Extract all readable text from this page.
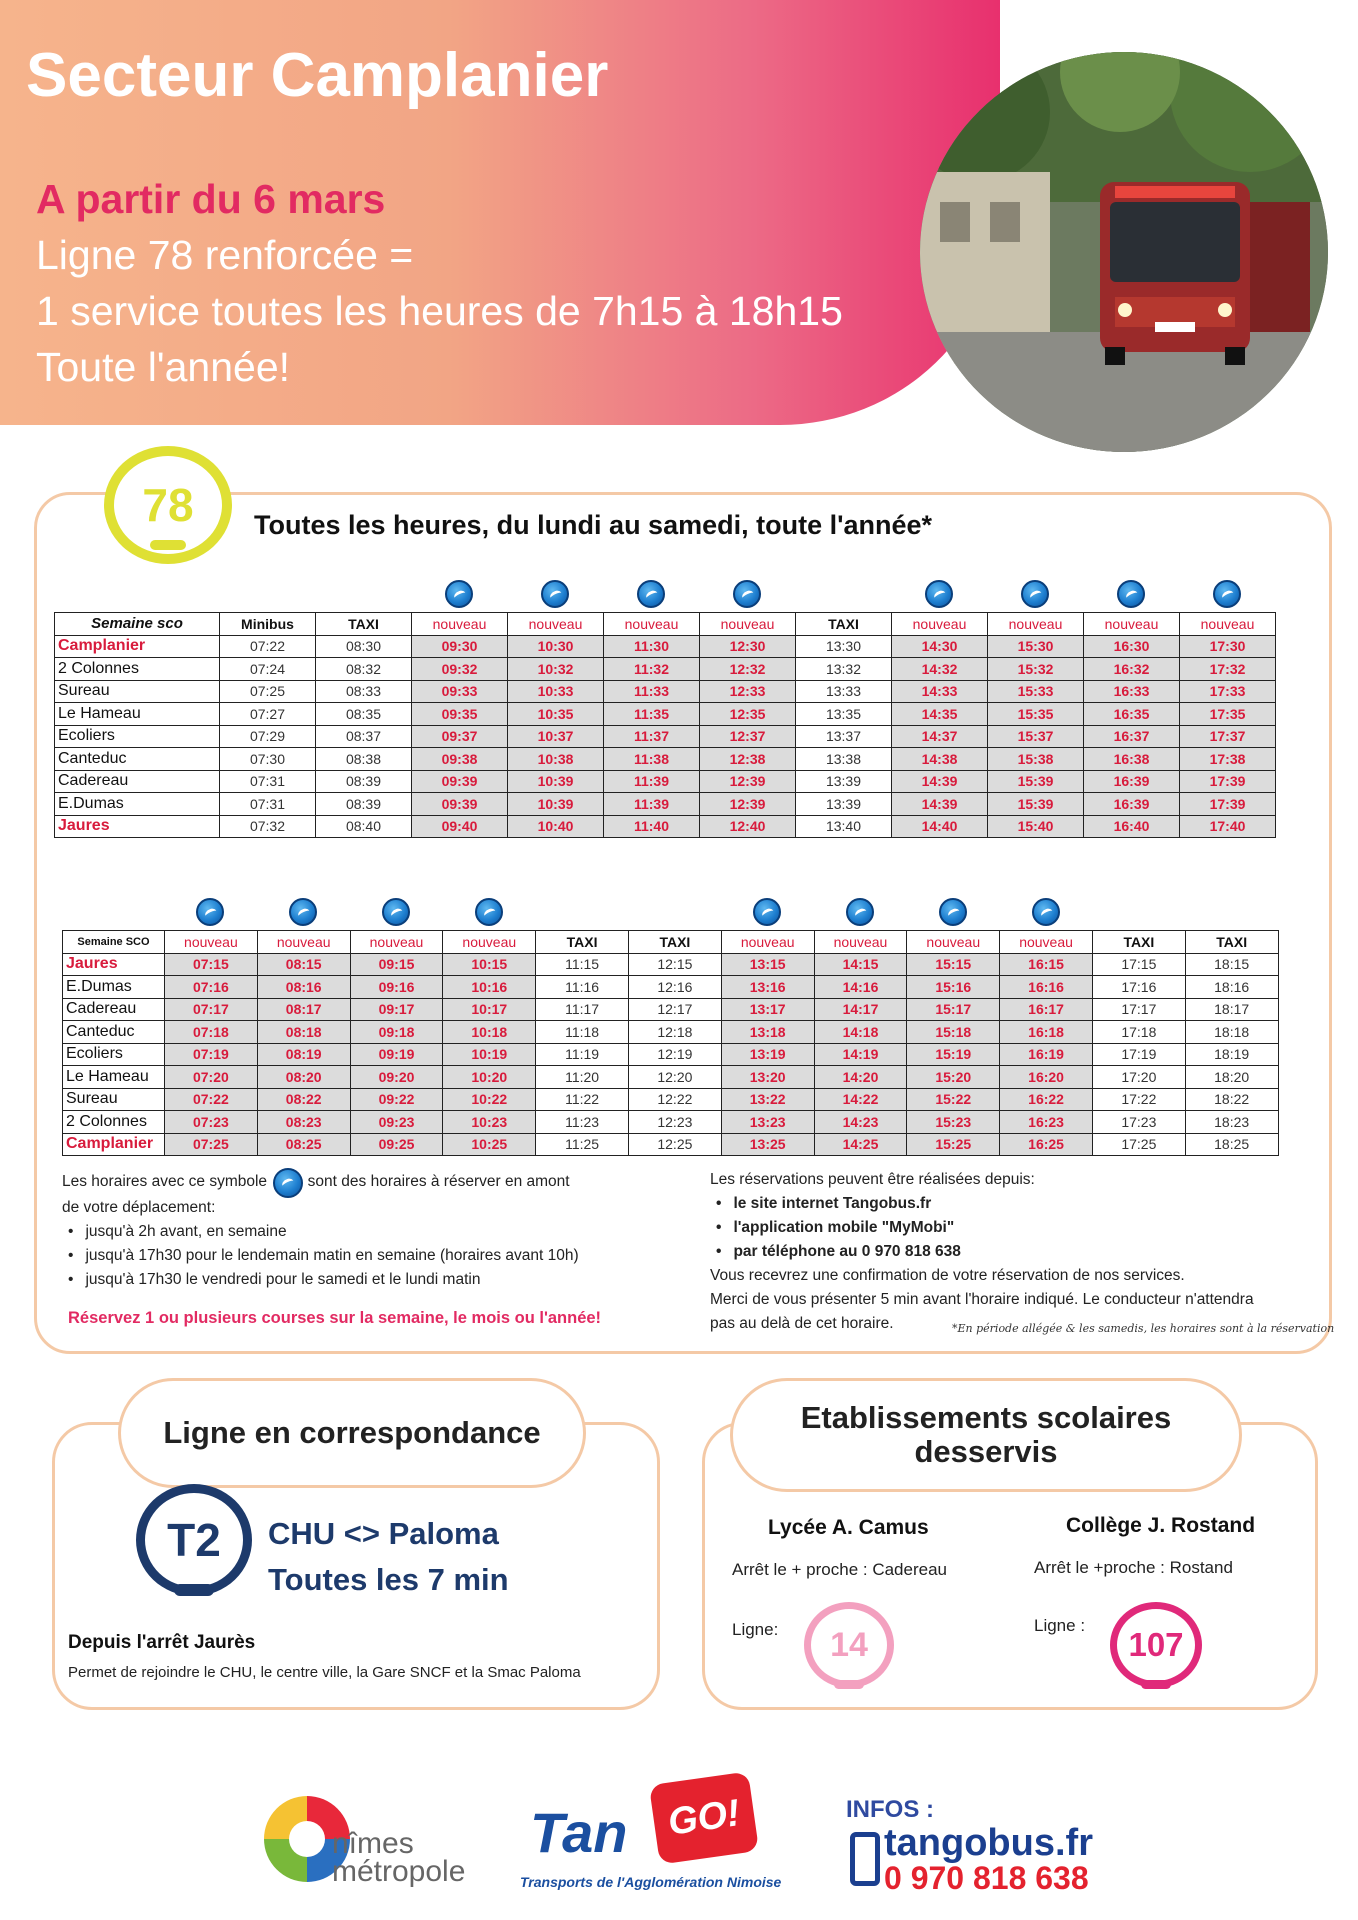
Secteur Camplanier
A partir du 6 mars
Ligne 78 renforcée =
1 service toutes les heures de 7h15 à 18h15
Toute l'année!
78 Toutes les heures, du lundi au samedi, toute l'année*
Semaine sco	Minibus	TAXI	nouveau	nouveau	nouveau	nouveau	TAXI	nouveau	nouveau	nouveau	nouveau
Camplanier	07:22	08:30	09:30	10:30	11:30	12:30	13:30	14:30	15:30	16:30	17:30
2 Colonnes	07:24	08:32	09:32	10:32	11:32	12:32	13:32	14:32	15:32	16:32	17:32
Sureau	07:25	08:33	09:33	10:33	11:33	12:33	13:33	14:33	15:33	16:33	17:33
Le Hameau	07:27	08:35	09:35	10:35	11:35	12:35	13:35	14:35	15:35	16:35	17:35
Ecoliers	07:29	08:37	09:37	10:37	11:37	12:37	13:37	14:37	15:37	16:37	17:37
Canteduc	07:30	08:38	09:38	10:38	11:38	12:38	13:38	14:38	15:38	16:38	17:38
Cadereau	07:31	08:39	09:39	10:39	11:39	12:39	13:39	14:39	15:39	16:39	17:39
E.Dumas	07:31	08:39	09:39	10:39	11:39	12:39	13:39	14:39	15:39	16:39	17:39
Jaures	07:32	08:40	09:40	10:40	11:40	12:40	13:40	14:40	15:40	16:40	17:40
Semaine SCO	nouveau	nouveau	nouveau	nouveau	TAXI	TAXI	nouveau	nouveau	nouveau	nouveau	TAXI	TAXI
Jaures	07:15	08:15	09:15	10:15	11:15	12:15	13:15	14:15	15:15	16:15	17:15	18:15
E.Dumas	07:16	08:16	09:16	10:16	11:16	12:16	13:16	14:16	15:16	16:16	17:16	18:16
Cadereau	07:17	08:17	09:17	10:17	11:17	12:17	13:17	14:17	15:17	16:17	17:17	18:17
Canteduc	07:18	08:18	09:18	10:18	11:18	12:18	13:18	14:18	15:18	16:18	17:18	18:18
Ecoliers	07:19	08:19	09:19	10:19	11:19	12:19	13:19	14:19	15:19	16:19	17:19	18:19
Le Hameau	07:20	08:20	09:20	10:20	11:20	12:20	13:20	14:20	15:20	16:20	17:20	18:20
Sureau	07:22	08:22	09:22	10:22	11:22	12:22	13:22	14:22	15:22	16:22	17:22	18:22
2 Colonnes	07:23	08:23	09:23	10:23	11:23	12:23	13:23	14:23	15:23	16:23	17:23	18:23
Camplanier	07:25	08:25	09:25	10:25	11:25	12:25	13:25	14:25	15:25	16:25	17:25	18:25
Les horaires avec ce symbole	sont des horaires à réserver en amont
de votre déplacement:
• jusqu'à 2h avant, en semaine
• jusqu'à 17h30 pour le lendemain matin en semaine (horaires avant 10h)
• jusqu'à 17h30 le vendredi pour le samedi et le lundi matin
Réservez 1 ou plusieurs courses sur la semaine, le mois ou l'année!
Les réservations peuvent être réalisées depuis:
• le site internet Tangobus.fr
• l'application mobile "MyMobi"
• par téléphone au 0 970 818 638
Vous recevrez une confirmation de votre réservation de nos services.
Merci de vous présenter 5 min avant l'horaire indiqué. Le conducteur n'attendra
pas au delà de cet horaire.	*En période allégée & les samedis, les horaires sont à la réservation
Ligne en correspondance
T2 CHU <> Paloma
Toutes les 7 min
Depuis l'arrêt Jaurès
Permet de rejoindre le CHU, le centre ville, la Gare SNCF et la Smac Paloma
Etablissements scolaires
desservis
Lycée A. Camus
Arrêt le + proche : Cadereau
Ligne: 14
Collège J. Rostand
Arrêt le +proche : Rostand
Ligne :
107
nîmes
métropole
Tan GO!
Transports de l'Agglomération Nimoise
INFOS :
tangobus.fr
0 970 818 638
